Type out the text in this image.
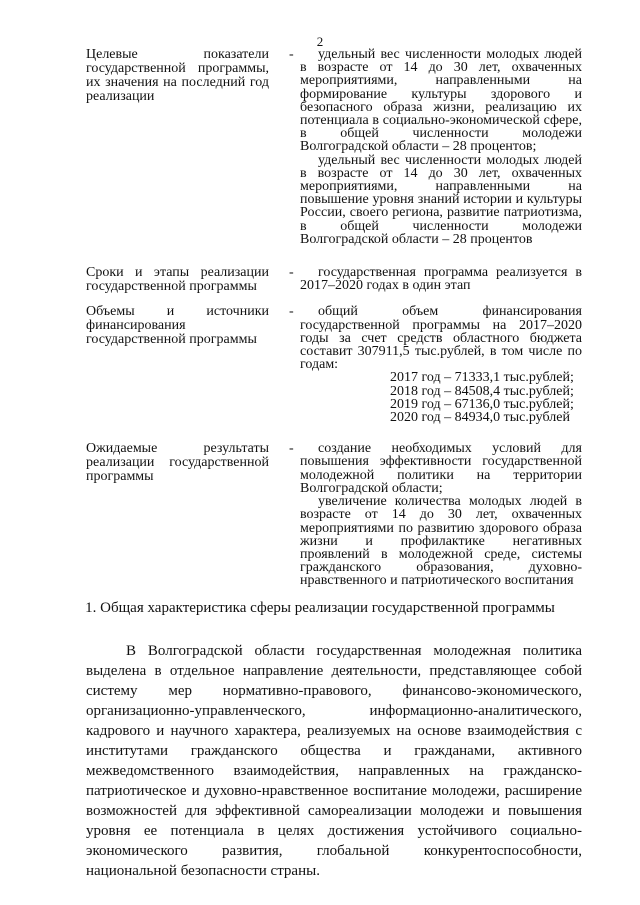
2
Целевые показатели государственной программы, их значения на последний год реализации
-	удельный вес численности молодых людей в возрасте от 14 до 30 лет, охваченных мероприятиями, направленными на формирование культуры здорового и безопасного образа жизни, реализацию их потенциала в социально-экономической сфере, в общей численности молодежи Волгоградской области – 28 процентов;

удельный вес численности молодых людей в возрасте от 14 до 30 лет, охваченных мероприятиями, направленными на повышение уровня знаний истории и культуры России, своего региона, развитие патриотизма, в общей численности молодежи Волгоградской области – 28 процентов

Сроки и этапы реализации государственной программы
-	государственная программа реализуется в 2017–2020 годах в один этап

Объемы и источники финансирования государственной программы
-	общий объем финансирования государственной программы на 2017–2020 годы за счет средств областного бюджета составит 307911,5 тыс.рублей, в том числе по годам:

2017 год – 71333,1 тыс.рублей;
2018 год – 84508,4 тыс.рублей;
2019 год – 67136,0 тыс.рублей;
2020 год – 84934,0 тыс.рублей
Ожидаемые результаты реализации государственной программы
-	создание необходимых условий для повышения эффективности государственной молодежной политики на территории Волгоградской области;

увеличение количества молодых людей в возрасте от 14 до 30 лет, охваченных мероприятиями по развитию здорового образа жизни и профилактике негативных проявлений в молодежной среде, системы гражданского образования, духовно-нравственного и патриотического воспитания

1. Общая характеристика сферы реализации государственной программы

В Волгоградской области государственная молодежная политика выделена в отдельное направление деятельности, представляющее собой систему мер нормативно-правового, финансово-экономического, организационно-управленческого, информационно-аналитического, кадрового и научного характера, реализуемых на основе взаимодействия с институтами гражданского общества и гражданами, активного межведомственного взаимодействия, направленных на гражданско-патриотическое и духовно-нравственное воспитание молодежи, расширение возможностей для эффективной самореализации молодежи и повышения уровня ее потенциала в целях достижения устойчивого социально-экономического развития, глобальной конкурентоспособности, национальной безопасности страны.
